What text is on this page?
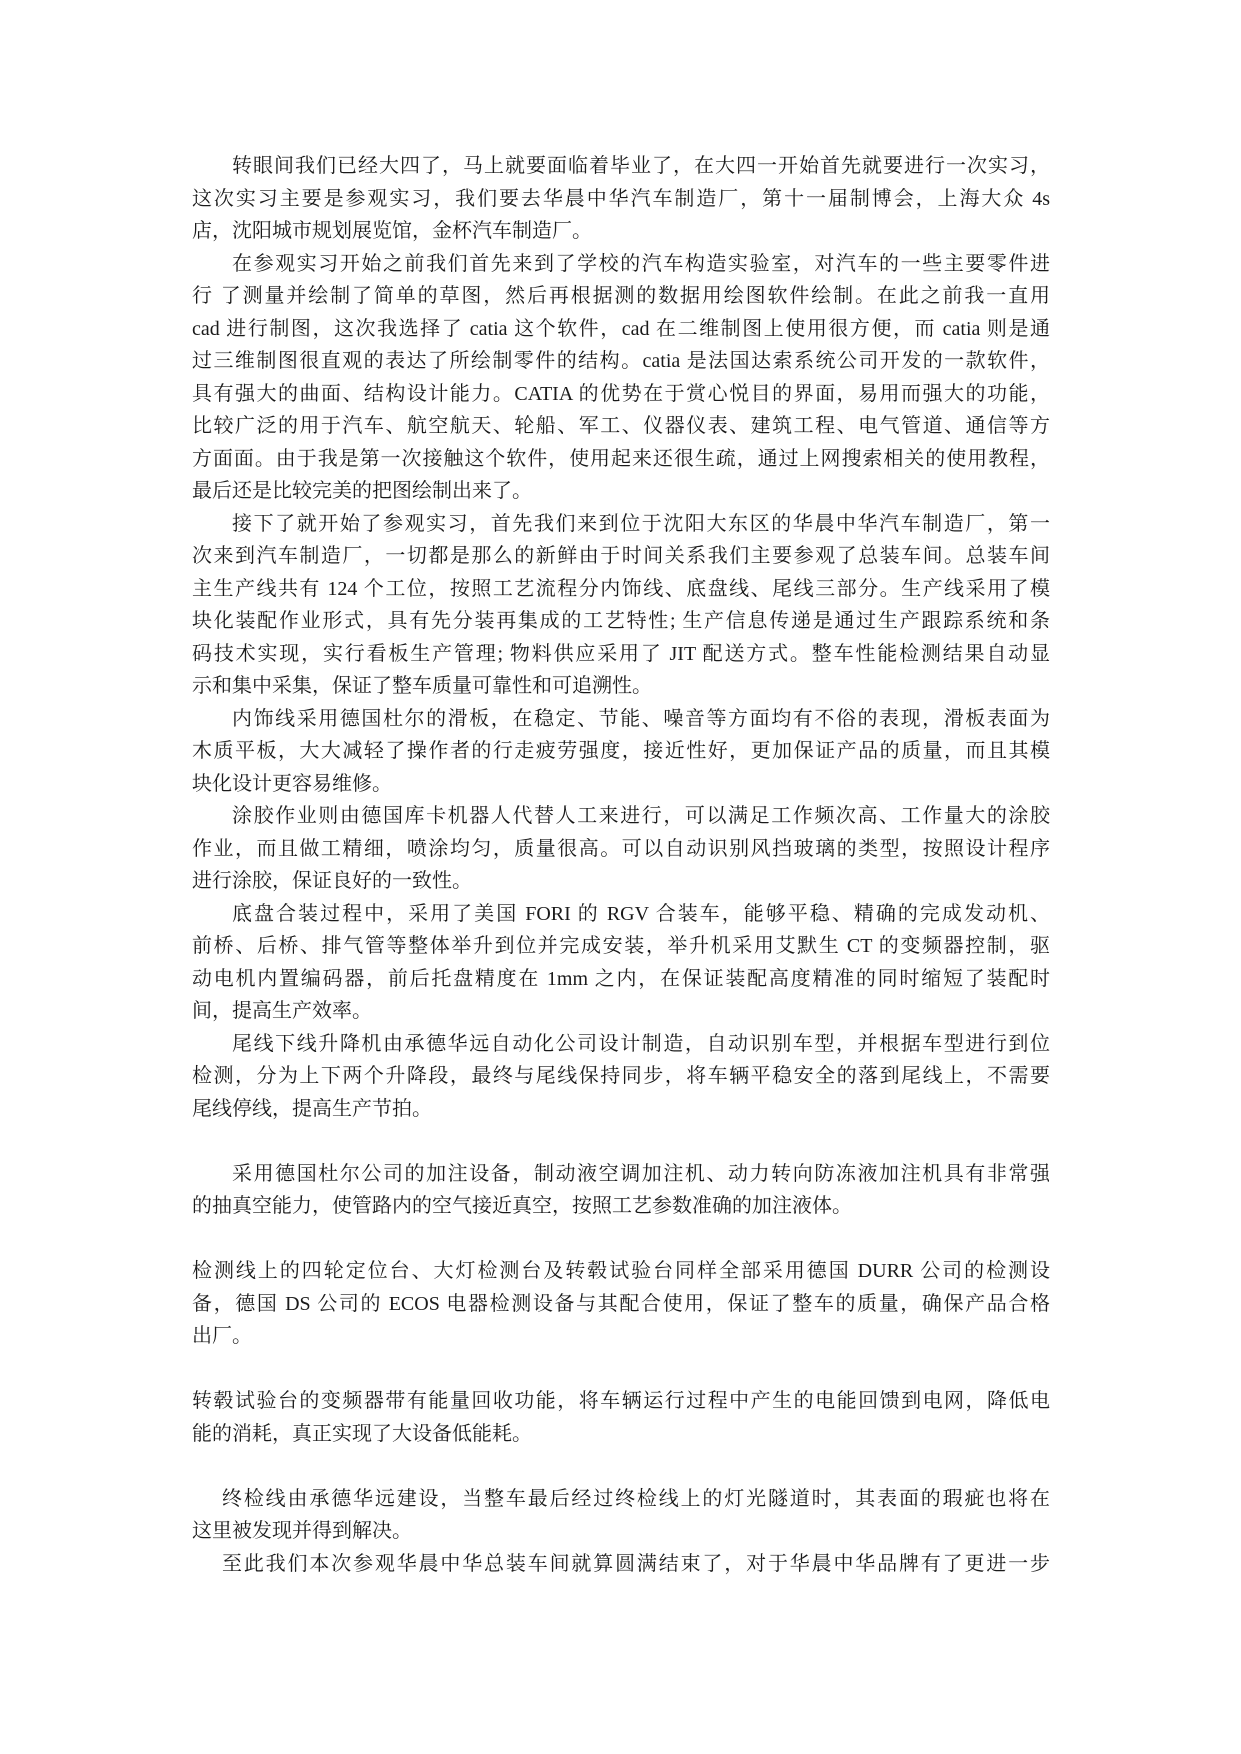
转眼间我们已经大四了，马上就要面临着毕业了，在大四一开始首先就要进行一次实习，
这次实习主要是参观实习，我们要去华晨中华汽车制造厂，第十一届制博会，上海大众 4s
店，沈阳城市规划展览馆，金杯汽车制造厂。
在参观实习开始之前我们首先来到了学校的汽车构造实验室，对汽车的一些主要零件进
行 了测量并绘制了简单的草图，然后再根据测的数据用绘图软件绘制。在此之前我一直用
cad 进行制图，这次我选择了 catia 这个软件，cad 在二维制图上使用很方便，而 catia 则是通
过三维制图很直观的表达了所绘制零件的结构。catia 是法国达索系统公司开发的一款软件，
具有强大的曲面、结构设计能力。CATIA 的优势在于赏心悦目的界面，易用而强大的功能，
比较广泛的用于汽车、航空航天、轮船、军工、仪器仪表、建筑工程、电气管道、通信等方
方面面。由于我是第一次接触这个软件，使用起来还很生疏，通过上网搜索相关的使用教程，
最后还是比较完美的把图绘制出来了。
接下了就开始了参观实习，首先我们来到位于沈阳大东区的华晨中华汽车制造厂，第一
次来到汽车制造厂，一切都是那么的新鲜由于时间关系我们主要参观了总装车间。总装车间
主生产线共有 124 个工位，按照工艺流程分内饰线、底盘线、尾线三部分。生产线采用了模
块化装配作业形式，具有先分装再集成的工艺特性; 生产信息传递是通过生产跟踪系统和条
码技术实现，实行看板生产管理; 物料供应采用了 JIT 配送方式。整车性能检测结果自动显
示和集中采集，保证了整车质量可靠性和可追溯性。
内饰线采用德国杜尔的滑板，在稳定、节能、噪音等方面均有不俗的表现，滑板表面为
木质平板，大大减轻了操作者的行走疲劳强度，接近性好，更加保证产品的质量，而且其模
块化设计更容易维修。
涂胶作业则由德国库卡机器人代替人工来进行，可以满足工作频次高、工作量大的涂胶
作业，而且做工精细，喷涂均匀，质量很高。可以自动识别风挡玻璃的类型，按照设计程序
进行涂胶，保证良好的一致性。
底盘合装过程中，采用了美国 FORI 的 RGV 合装车，能够平稳、精确的完成发动机、
前桥、后桥、排气管等整体举升到位并完成安装，举升机采用艾默生 CT 的变频器控制，驱
动电机内置编码器，前后托盘精度在 1mm 之内，在保证装配高度精准的同时缩短了装配时
间，提高生产效率。
尾线下线升降机由承德华远自动化公司设计制造，自动识别车型，并根据车型进行到位
检测，分为上下两个升降段，最终与尾线保持同步，将车辆平稳安全的落到尾线上，不需要
尾线停线，提高生产节拍。
采用德国杜尔公司的加注设备，制动液空调加注机、动力转向防冻液加注机具有非常强
的抽真空能力，使管路内的空气接近真空，按照工艺参数准确的加注液体。
检测线上的四轮定位台、大灯检测台及转毂试验台同样全部采用德国 DURR 公司的检测设
备，德国 DS 公司的 ECOS 电器检测设备与其配合使用，保证了整车的质量，确保产品合格
出厂。
转毂试验台的变频器带有能量回收功能，将车辆运行过程中产生的电能回馈到电网，降低电
能的消耗，真正实现了大设备低能耗。
终检线由承德华远建设，当整车最后经过终检线上的灯光隧道时，其表面的瑕疵也将在
这里被发现并得到解决。
至此我们本次参观华晨中华总装车间就算圆满结束了，对于华晨中华品牌有了更进一步
